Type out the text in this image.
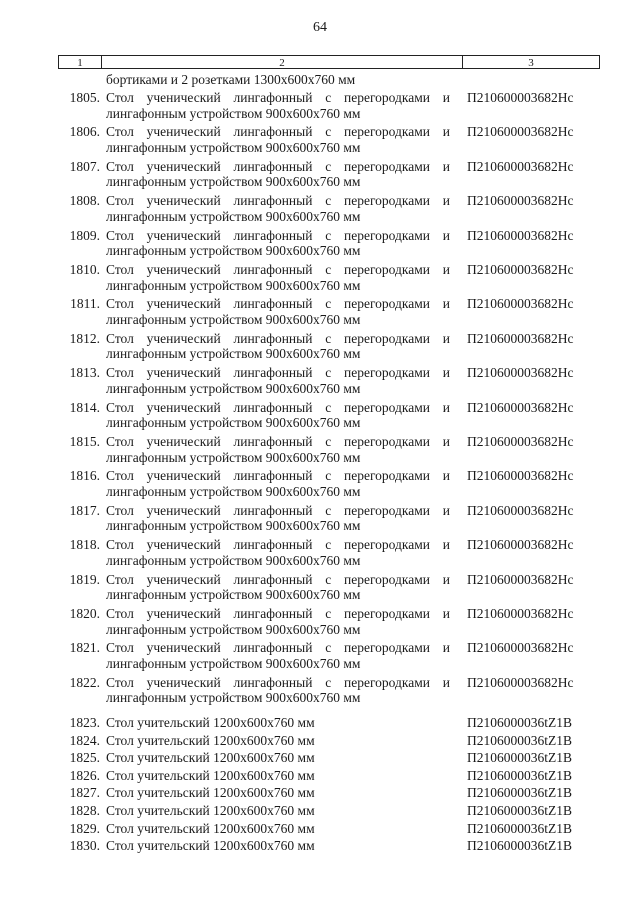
64
1	2	3
бортиками и 2 розетками 1300х600х760 мм
1805. Стол ученический лингафонный с перегородками и
лингафонным устройством 900х600х760 мм
П210600003682Нс
1806. Стол ученический лингафонный с перегородками и
лингафонным устройством 900х600х760 мм
П210600003682Нс
1807. Стол ученический лингафонный с перегородками и
лингафонным устройством 900х600х760 мм
П210600003682Нс
1808. Стол ученический лингафонный с перегородками и
лингафонным устройством 900х600х760 мм
П210600003682Нс
1809. Стол ученический лингафонный с перегородками и
лингафонным устройством 900х600х760 мм
П210600003682Нс
1810. Стол ученический лингафонный с перегородками и
лингафонным устройством 900х600х760 мм
П210600003682Нс
1811. Стол ученический лингафонный с перегородками и
лингафонным устройством 900х600х760 мм
П210600003682Нс
1812. Стол ученический лингафонный с перегородками и
лингафонным устройством 900х600х760 мм
П210600003682Нс
1813. Стол ученический лингафонный с перегородками и
лингафонным устройством 900х600х760 мм
П210600003682Нс
1814. Стол ученический лингафонный с перегородками и
лингафонным устройством 900х600х760 мм
П210600003682Нс
1815. Стол ученический лингафонный с перегородками и
лингафонным устройством 900х600х760 мм
П210600003682Нс
1816. Стол ученический лингафонный с перегородками и
лингафонным устройством 900х600х760 мм
П210600003682Нс
1817. Стол ученический лингафонный с перегородками и
лингафонным устройством 900х600х760 мм
П210600003682Нс
1818. Стол ученический лингафонный с перегородками и
лингафонным устройством 900х600х760 мм
П210600003682Нс
1819. Стол ученический лингафонный с перегородками и
лингафонным устройством 900х600х760 мм
П210600003682Нс
1820. Стол ученический лингафонный с перегородками и
лингафонным устройством 900х600х760 мм
П210600003682Нс
1821. Стол ученический лингафонный с перегородками и
лингафонным устройством 900х600х760 мм
П210600003682Нс
1822. Стол ученический лингафонный с перегородками и
лингафонным устройством 900х600х760 мм
П210600003682Нс
1823. Стол учительский 1200х600х760 мм	П2106000036tZ1B
1824. Стол учительский 1200х600х760 мм	П2106000036tZ1B
1825. Стол учительский 1200х600х760 мм	П2106000036tZ1B
1826. Стол учительский 1200х600х760 мм	П2106000036tZ1B
1827. Стол учительский 1200х600х760 мм	П2106000036tZ1B
1828. Стол учительский 1200х600х760 мм	П2106000036tZ1B
1829. Стол учительский 1200х600х760 мм	П2106000036tZ1B
1830. Стол учительский 1200х600х760 мм	П2106000036tZ1B
